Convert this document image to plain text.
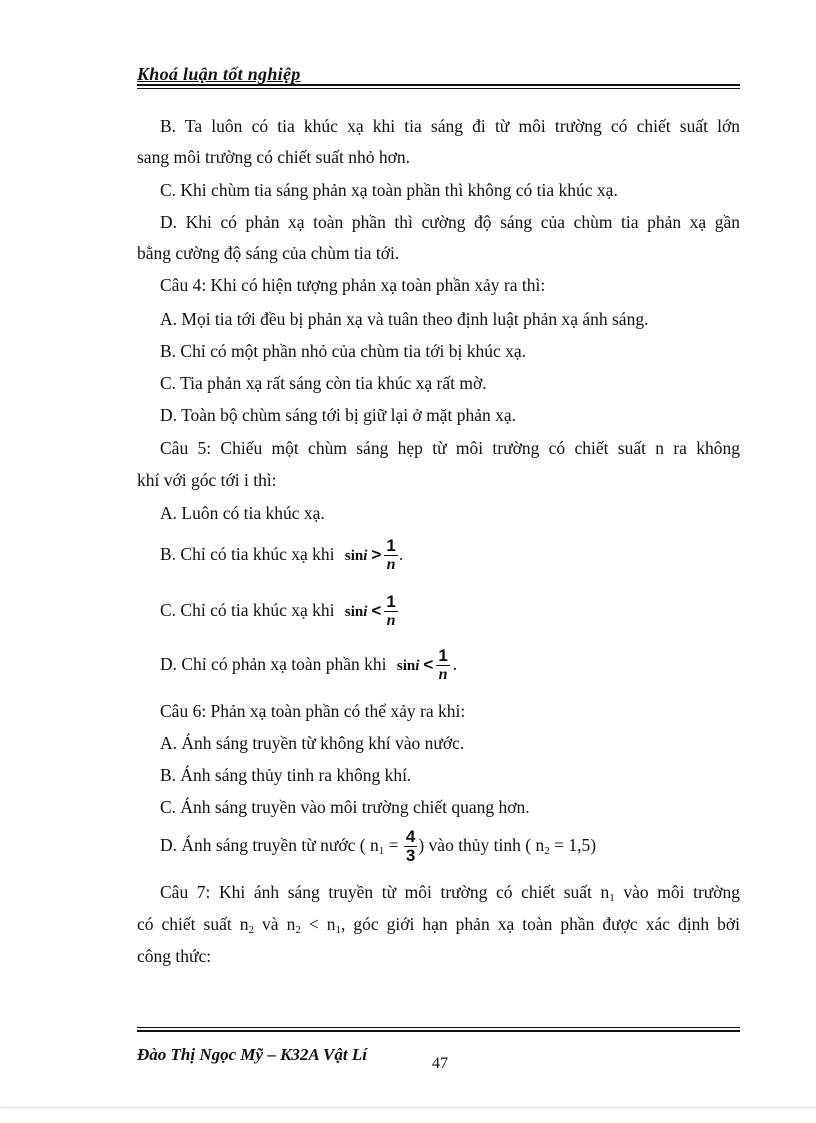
Khoá luận tốt nghiệp
B. Ta luôn có tia khúc xạ khi tia sáng đi từ môi trường có chiết suất lớn
sang môi trường có chiết suất nhỏ hơn.
C. Khi chùm tia sáng phản xạ toàn phần thì không có tia khúc xạ.
D. Khi có phản xạ toàn phần thì cường độ sáng của chùm tia phản xạ gần
bằng cường độ sáng của chùm tia tới.
Câu 4: Khi có hiện tượng phản xạ toàn phần xảy ra thì:
A. Mọi tia tới đều bị phản xạ và tuân theo định luật phản xạ ánh sáng.
B. Chỉ có một phần nhỏ của chùm tia tới bị khúc xạ.
C. Tia phản xạ rất sáng còn tia khúc xạ rất mờ.
D. Toàn bộ chùm sáng tới bị giữ lại ở mặt phản xạ.
Câu 5: Chiếu một chùm sáng hẹp từ môi trường có chiết suất n ra không
khí với góc tới i thì:
A. Luôn có tia khúc xạ.
B. Chỉ có tia khúc xạ khi $\sin i > \frac{1}{n}$ .
C. Chỉ có tia khúc xạ khi $\sin i < \frac{1}{n}$
D. Chỉ có phản xạ toàn phần khi $\sin i < \frac{1}{n}$ .
Câu 6: Phản xạ toàn phần có thể xảy ra khi:
A. Ánh sáng truyền từ không khí vào nước.
B. Ánh sáng thủy tinh ra không khí.
C. Ánh sáng truyền vào môi trường chiết quang hơn.
D. Ánh sáng truyền từ nước ( $n_1 = \frac{4}{3}$ ) vào thủy tinh ( $n_2 = 1,5$)
Câu 7: Khi ánh sáng truyền từ môi trường có chiết suất $n_1$ vào môi trường
có chiết suất $n_2$ và $n_2 < n_1$, góc giới hạn phản xạ toàn phần được xác định bởi
công thức:
Đào Thị Ngọc Mỹ – K32A Vật Lí	47
